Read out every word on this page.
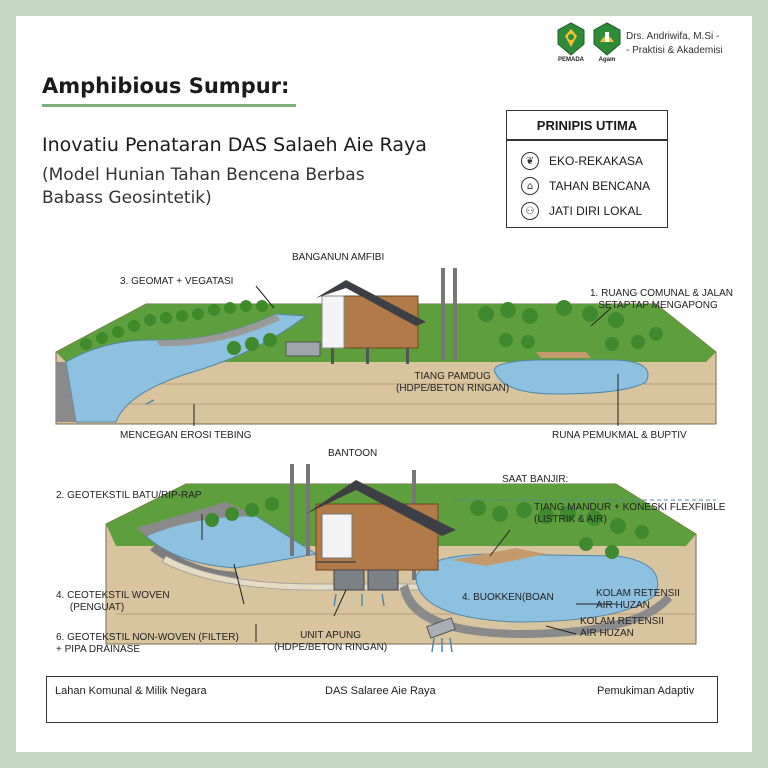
PEMADA	Agam
Drs. Andriwifa, M.Si -
- Praktisi & Akademisi
Amphibious Sumpur:
Inovatiu Penataran DAS Salaeh Aie Raya
(Model Hunian Tahan Bencena Berbas
Babass Geosintetik)
PRINIPIS UTIMA
❦	EKO-REKAKASA
⌂	TAHAN BENCANA
⚇	JATI DIRI LOKAL
BANGANUN AMFIBI
3. GEOMAT + VEGATASI
1. RUANG COMUNAL & JALAN
SETAPTAP MENGAPONG
TIANG PAMDUG
(HDPE/BETON RINGAN)
MENCEGAN EROSI TEBING	RUNA PEMUKMAL & BUPTIV
BANTOON
SAAT BANJIR:
2. GEOTEKSTIL BATU/RIP-RAP
TIANG MANDUR + KONESKI FLEXFIIBLE
(LISTRIK & AIR)
4. CEOTEKSTIL WOVEN
(PENGUAT)
4. BUOKKEN(BOAN	KOLAM RETENSII
AIR HUZAN
KOLAM RETENSII
AIR HUZAN
6. GEOTEKSTIL NON-WOVEN (FILTER)
+ PIPA DRAINASE
UNIT APUNG
(HDPE/BETON RINGAN)
Lahan Komunal & Milik Negara	DAS Salaree Aie Raya	Pemukiman Adaptiv
